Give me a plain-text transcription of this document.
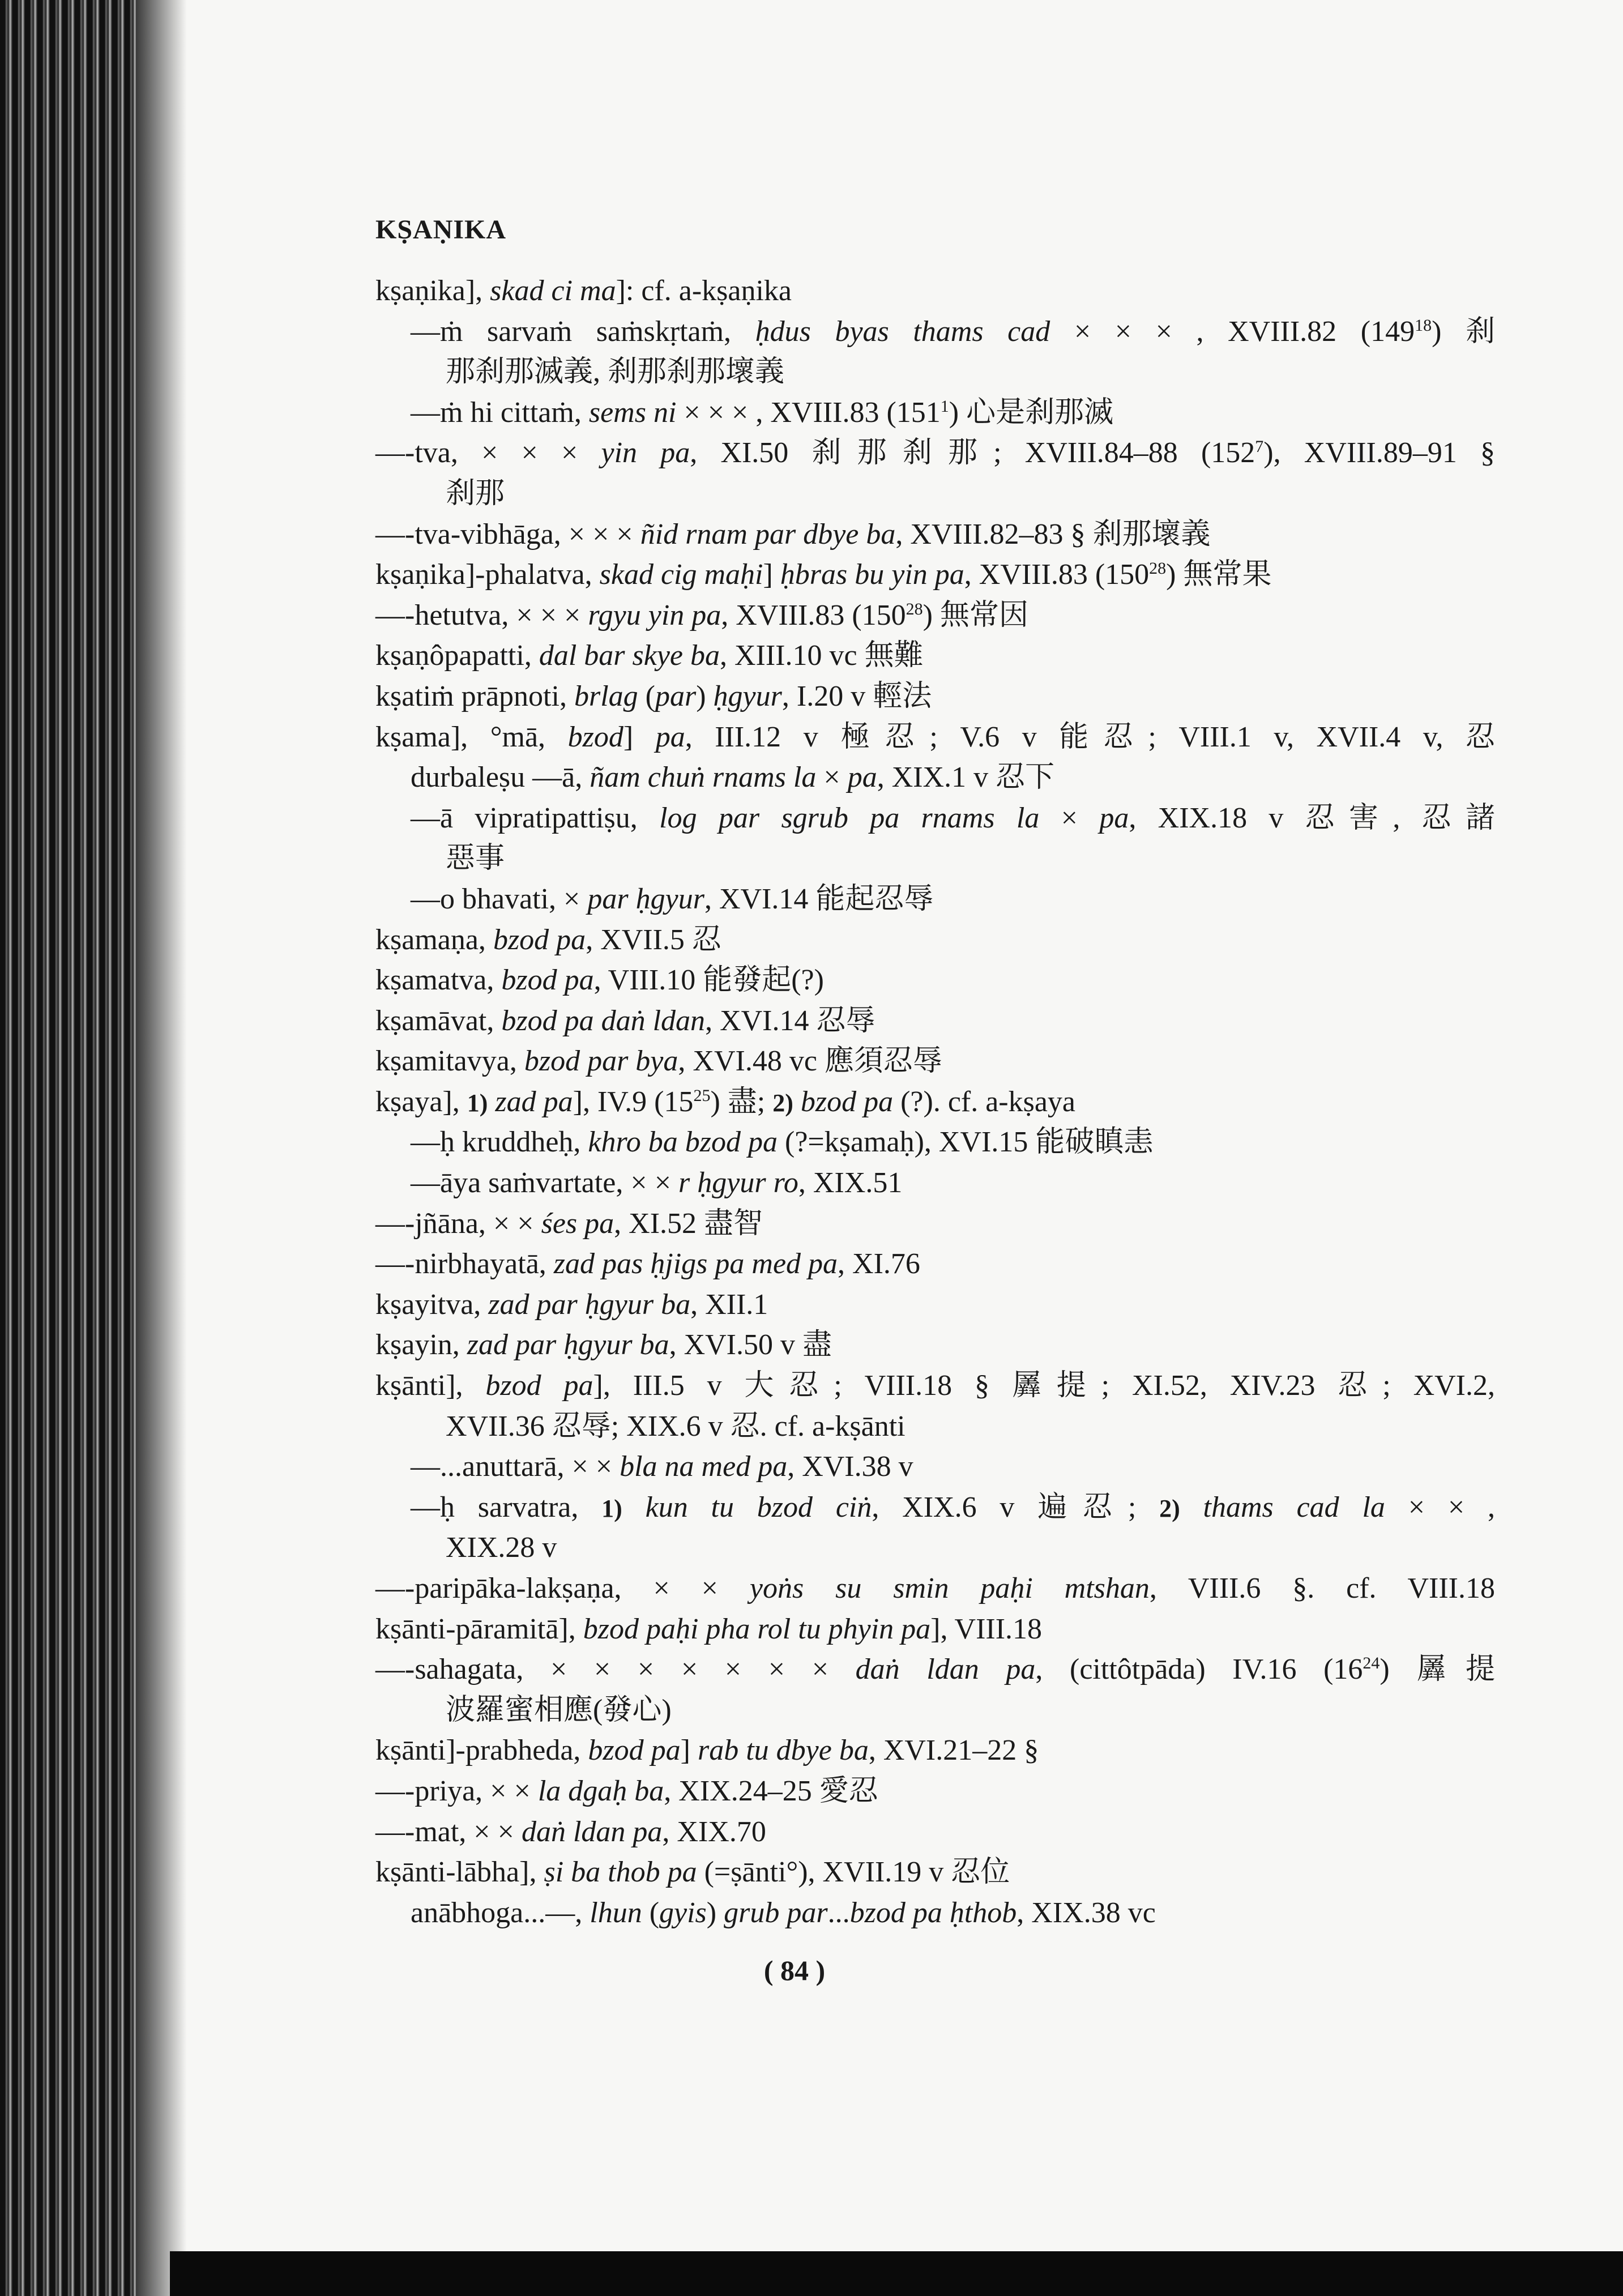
KṢAṆIKA
kṣaṇika], skad ci ma]: cf. a-kṣaṇika
—ṁ sarvaṁ saṁskṛtaṁ, ḥdus byas thams cad × × × , XVIII.82 $(149^{18})$ 刹
那刹那滅義, 刹那刹那壞義
—ṁ hi cittaṁ, sems ni × × × , XVIII.83 $(151^1)$ 心是刹那滅
—-tva, × × × yin pa, XI.50 刹那刹那; XVIII.84–88 $(152^7)$, XVIII.89–91 §
刹那
—-tva-vibhāga, × × × ñid rnam par dbye ba, XVIII.82–83 § 刹那壞義
kṣaṇika]-phalatva, skad cig maḥi] ḥbras bu yin pa, XVIII.83 $(150^{28})$ 無常果
—-hetutva, × × × rgyu yin pa, XVIII.83 $(150^{28})$ 無常因
kṣaṇôpapatti, dal bar skye ba, XIII.10 vc 無難
kṣatiṁ prāpnoti, brlag (par) ḥgyur, I.20 v 輕法
kṣama], °mā, bzod] pa, III.12 v 極忍; V.6 v 能忍; VIII.1 v, XVII.4 v, 忍
durbaleṣu —ā, ñam chuṅ rnams la × pa, XIX.1 v 忍下
—ā vipratipattiṣu, log par sgrub pa rnams la × pa, XIX.18 v 忍害, 忍諸
惡事
—o bhavati, × par ḥgyur, XVI.14 能起忍辱
kṣamaṇa, bzod pa, XVII.5 忍
kṣamatva, bzod pa, VIII.10 能發起(?)
kṣamāvat, bzod pa daṅ ldan, XVI.14 忍辱
kṣamitavya, bzod par bya, XVI.48 vc 應須忍辱
kṣaya], 1) zad pa], IV.9 $(15^{25})$ 盡; 2) bzod pa (?). cf. a-kṣaya
—ḥ kruddheḥ, khro ba bzod pa (?=kṣamaḥ), XVI.15 能破瞋恚
—āya saṁvartate, × × r ḥgyur ro, XIX.51
—-jñāna, × × śes pa, XI.52 盡智
—-nirbhayatā, zad pas ḥjigs pa med pa, XI.76
kṣayitva, zad par ḥgyur ba, XII.1
kṣayin, zad par ḥgyur ba, XVI.50 v 盡
kṣānti], bzod pa], III.5 v 大忍; VIII.18 § 羼提; XI.52, XIV.23 忍; XVI.2,
XVII.36 忍辱; XIX.6 v 忍. cf. a-kṣānti
—...anuttarā, × × bla na med pa, XVI.38 v
—ḥ sarvatra, 1) kun tu bzod ciṅ, XIX.6 v 遍忍; 2) thams cad la × × ,
XIX.28 v
—-paripāka-lakṣaṇa, × × yoṅs su smin paḥi mtshan, VIII.6 §. cf. VIII.18
kṣānti-pāramitā], bzod paḥi pha rol tu phyin pa], VIII.18
—-sahagata, × × × × × × × daṅ ldan pa, (cittôtpāda) IV.16 $(16^{24})$ 羼提
波羅蜜相應(發心)
kṣānti]-prabheda, bzod pa] rab tu dbye ba, XVI.21–22 §
—-priya, × × la dgaḥ ba, XIX.24–25 愛忍
—-mat, × × daṅ ldan pa, XIX.70
kṣānti-lābha], ṣi ba thob pa (=ṣānti°), XVII.19 v 忍位
anābhoga...—, lhun (gyis) grub par...bzod pa ḥthob, XIX.38 vc
( 84 )
